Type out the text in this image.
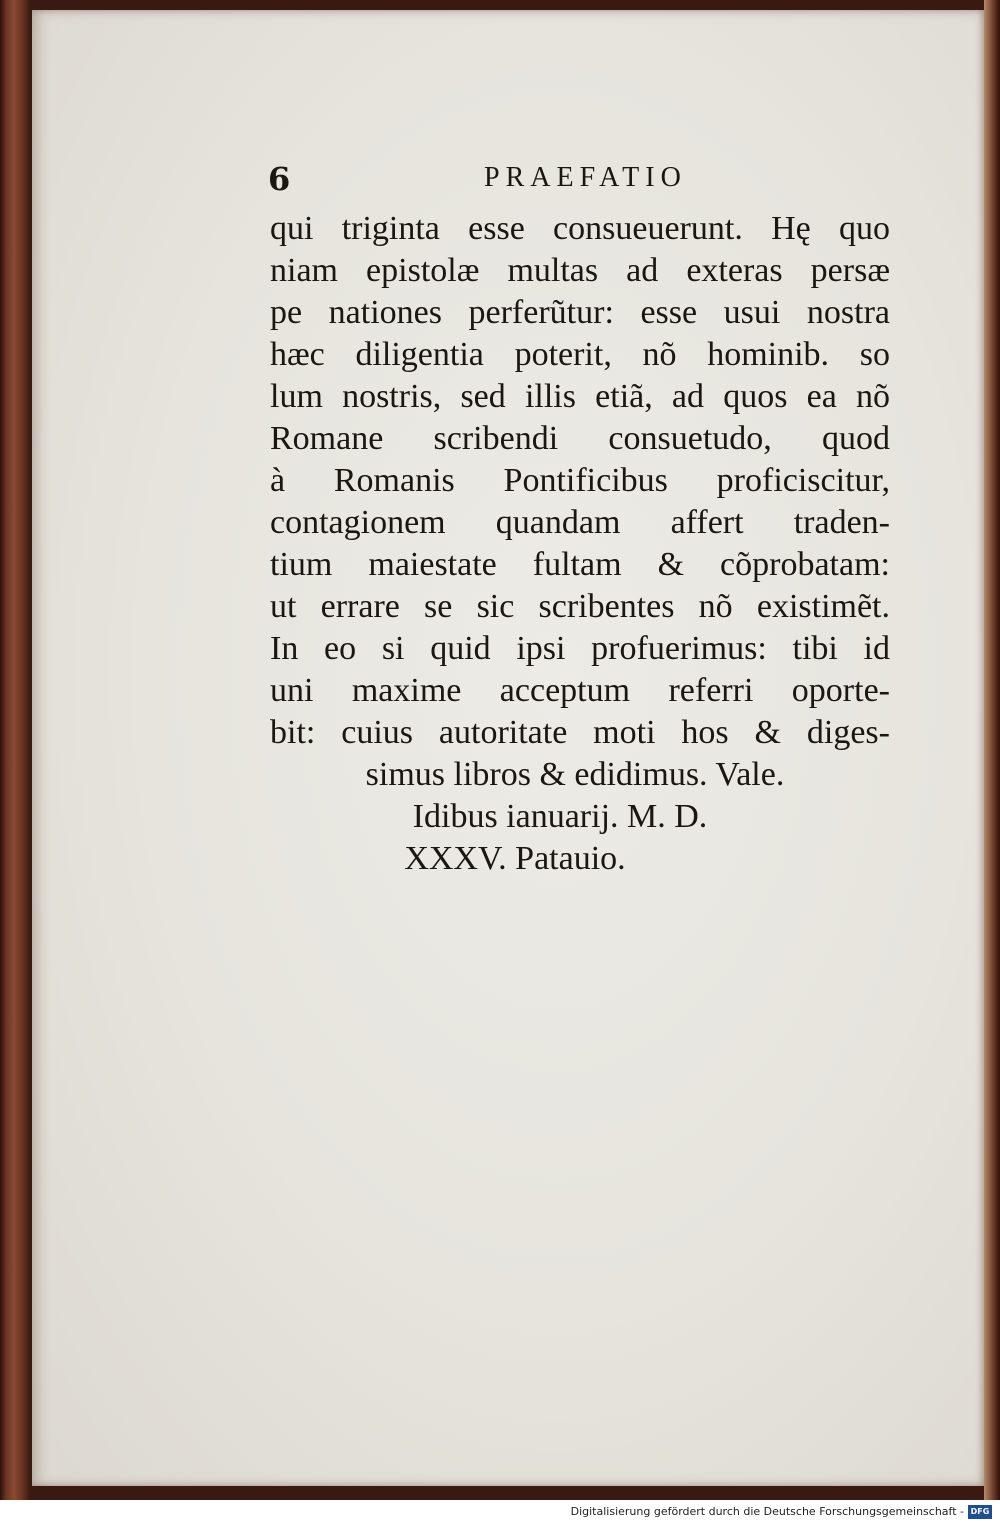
6	PRAEFATIO
qui triginta esse consueuerunt. Hę quo
niam epistolæ multas ad exteras persæ
pe nationes perferũtur: esse usui nostra
hæc diligentia poterit, nõ hominib. so
lum nostris, sed illis etiã, ad quos ea nõ
Romane scribendi consuetudo, quod
à Romanis Pontificibus proficiscitur,
contagionem quandam affert traden-
tium maiestate fultam & cõprobatam:
ut errare se sic scribentes nõ existimẽt.
In eo si quid ipsi profuerimus: tibi id
uni maxime acceptum referri oporte-
bit: cuius autoritate moti hos & diges-
simus libros & edidimus. Vale.
Idibus ianuarij. M. D.
XXXV. Patauio.
Digitalisierung gefördert durch die Deutsche Forschungsgemeinschaft - DFG
